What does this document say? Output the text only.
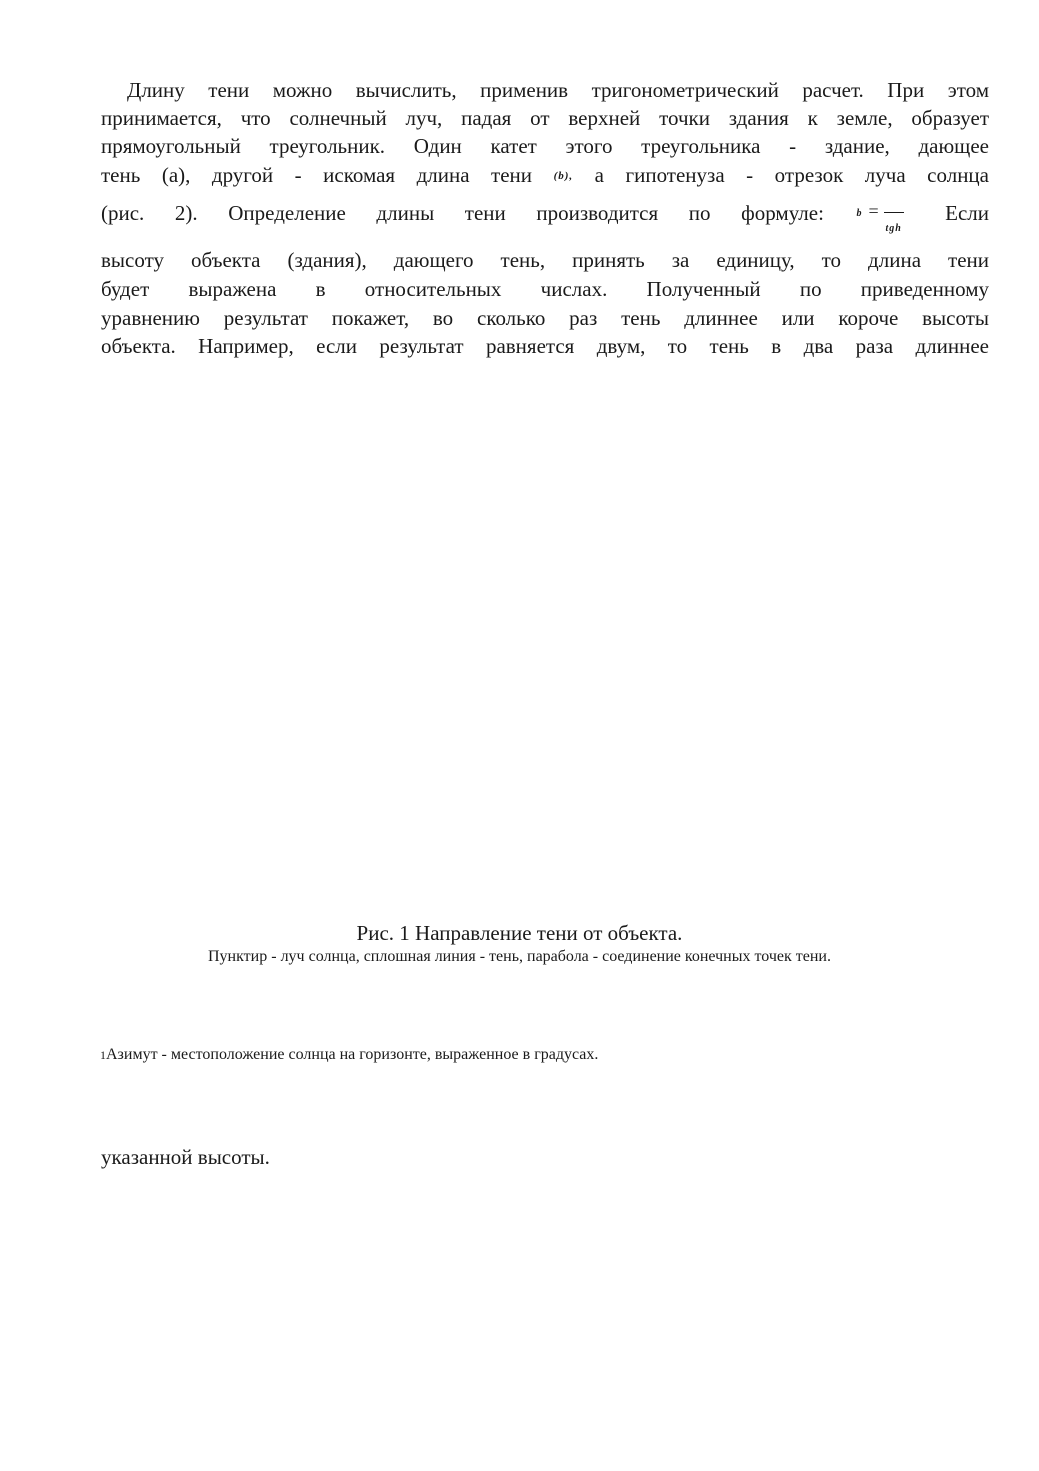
Длину тени можно вычислить, применив тригонометрический расчет. При этом
принимается, что солнечный луч, падая от верхней точки здания к земле, образует
прямоугольный треугольник. Один катет этого треугольника - здание, дающее
тень (а), другой - искомая длина тени (b), а гипотенуза - отрезок луча солнца
(рис. 2). Определение длины тени производится по формуле:	b =
tgh
Если
высоту объекта (здания), дающего тень, принять за единицу, то длина тени
будет выражена в относительных числах. Полученный по приведенному
уравнению результат покажет, во сколько раз тень длиннее или короче высоты
объекта. Например, если результат равняется двум, то тень в два раза длиннее
Рис. 1 Направление тени от объекта.
Пунктир - луч солнца, сплошная линия - тень, парабола - соединение конечных точек тени.
1Азимут - местоположение солнца на горизонте, выраженное в градусах.
указанной высоты.
